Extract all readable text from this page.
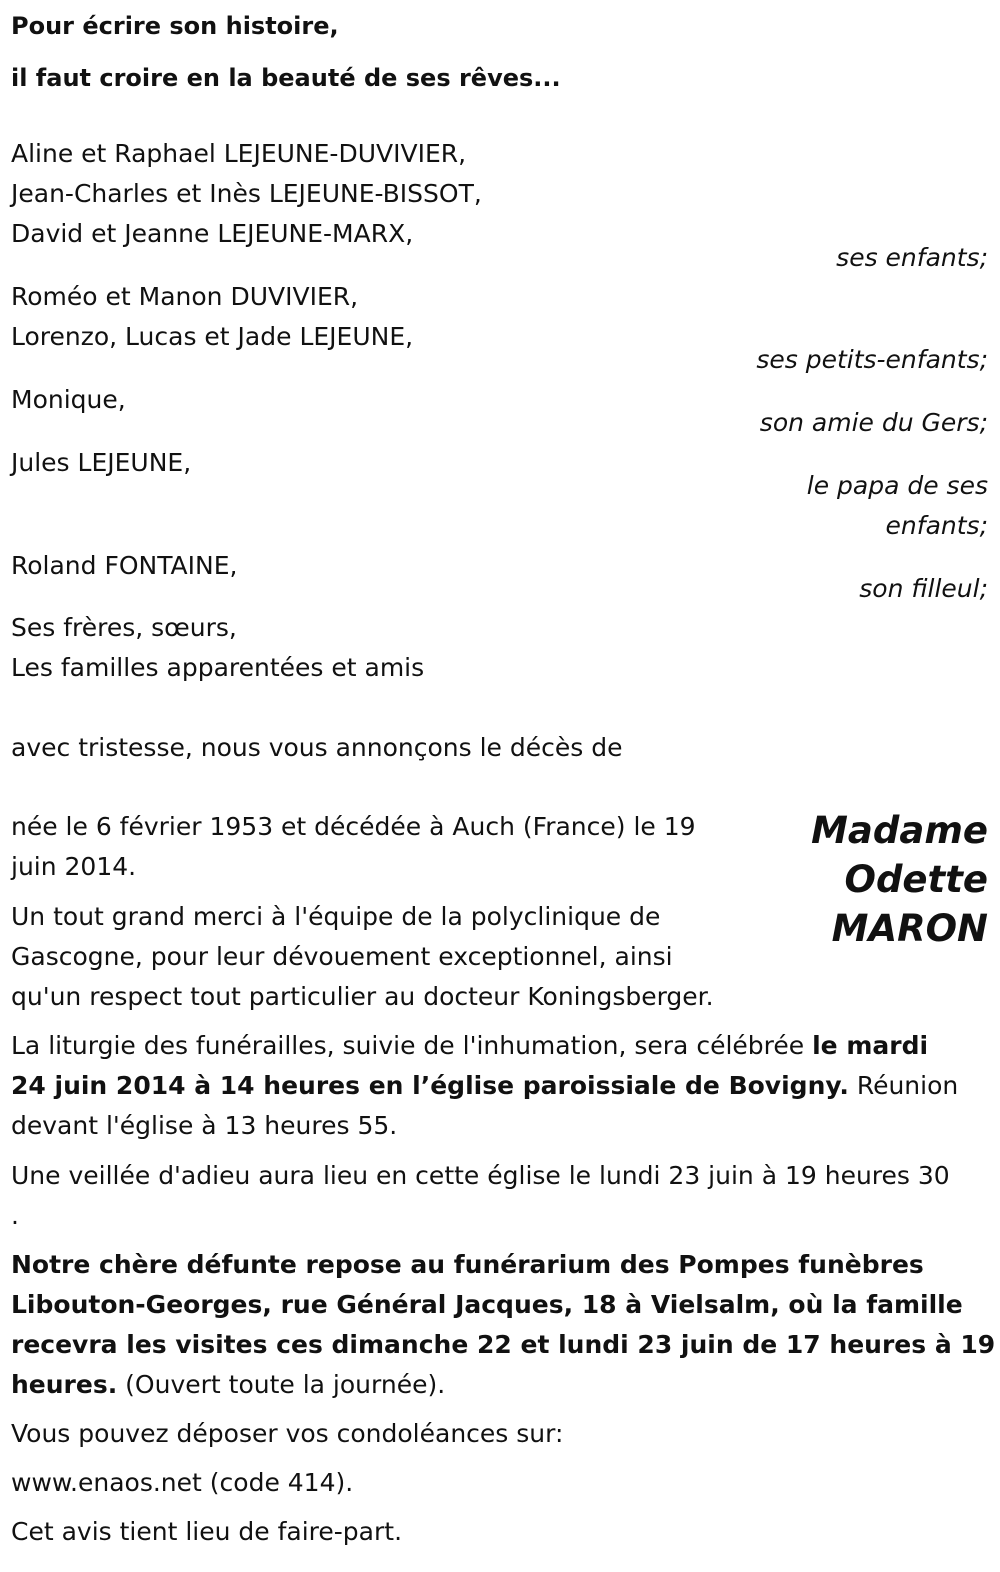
Pour écrire son histoire,
il faut croire en la beauté de ses rêves...
Aline et Raphael LEJEUNE-DUVIVIER,
Jean-Charles et Inès LEJEUNE-BISSOT,
David et Jeanne LEJEUNE-MARX,
ses enfants;
Roméo et Manon DUVIVIER,
Lorenzo, Lucas et Jade LEJEUNE,
ses petits-enfants;
Monique,
son amie du Gers;
Jules LEJEUNE,
le papa de ses
enfants;
Roland FONTAINE,
son filleul;
Ses frères, sœurs,
Les familles apparentées et amis
avec tristesse, nous vous annonçons le décès de
Madame
Odette
MARON
née le 6 février 1953 et décédée à Auch (France) le 19
juin 2014.
Un tout grand merci à l'équipe de la polyclinique de
Gascogne, pour leur dévouement exceptionnel, ainsi
qu'un respect tout particulier au docteur Koningsberger.
La liturgie des funérailles, suivie de l'inhumation, sera célébrée le mardi
24 juin 2014 à 14 heures en l’église paroissiale de Bovigny. Réunion
devant l'église à 13 heures 55.
Une veillée d'adieu aura lieu en cette église le lundi 23 juin à 19 heures 30
.
Notre chère défunte repose au funérarium des Pompes funèbres
Libouton-Georges, rue Général Jacques, 18 à Vielsalm, où la famille
recevra les visites ces dimanche 22 et lundi 23 juin de 17 heures à 19
heures. (Ouvert toute la journée).
Vous pouvez déposer vos condoléances sur:
www.enaos.net (code 414).
Cet avis tient lieu de faire-part.
